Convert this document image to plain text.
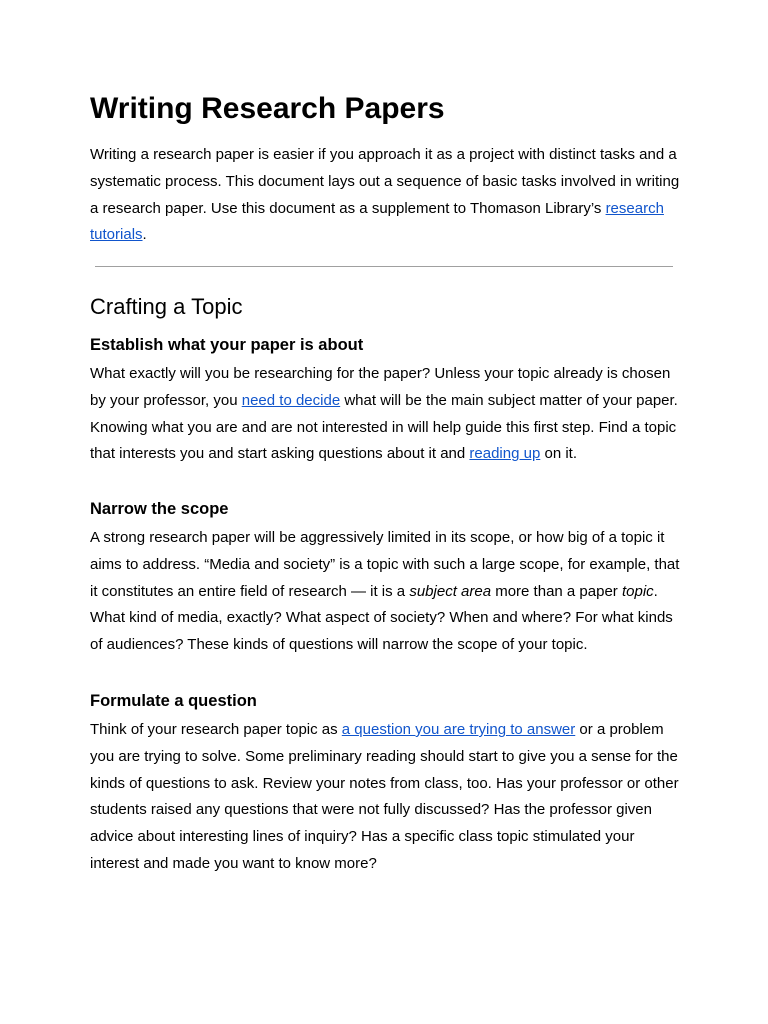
Writing Research Papers

Writing a research paper is easier if you approach it as a project with distinct tasks and a systematic process. This document lays out a sequence of basic tasks involved in writing a research paper. Use this document as a supplement to Thomason Library’s research tutorials.

Crafting a Topic
Establish what your paper is about

What exactly will you be researching for the paper? Unless your topic already is chosen by your professor, you need to decide what will be the main subject matter of your paper. Knowing what you are and are not interested in will help guide this first step. Find a topic that interests you and start asking questions about it and reading up on it.

Narrow the scope

A strong research paper will be aggressively limited in its scope, or how big of a topic it aims to address. “Media and society” is a topic with such a large scope, for example, that it constitutes an entire field of research — it is a subject area more than a paper topic. What kind of media, exactly? What aspect of society? When and where? For what kinds of audiences? These kinds of questions will narrow the scope of your topic.

Formulate a question

Think of your research paper topic as a question you are trying to answer or a problem you are trying to solve. Some preliminary reading should start to give you a sense for the kinds of questions to ask. Review your notes from class, too. Has your professor or other students raised any questions that were not fully discussed? Has the professor given advice about interesting lines of inquiry? Has a specific class topic stimulated your interest and made you want to know more?
